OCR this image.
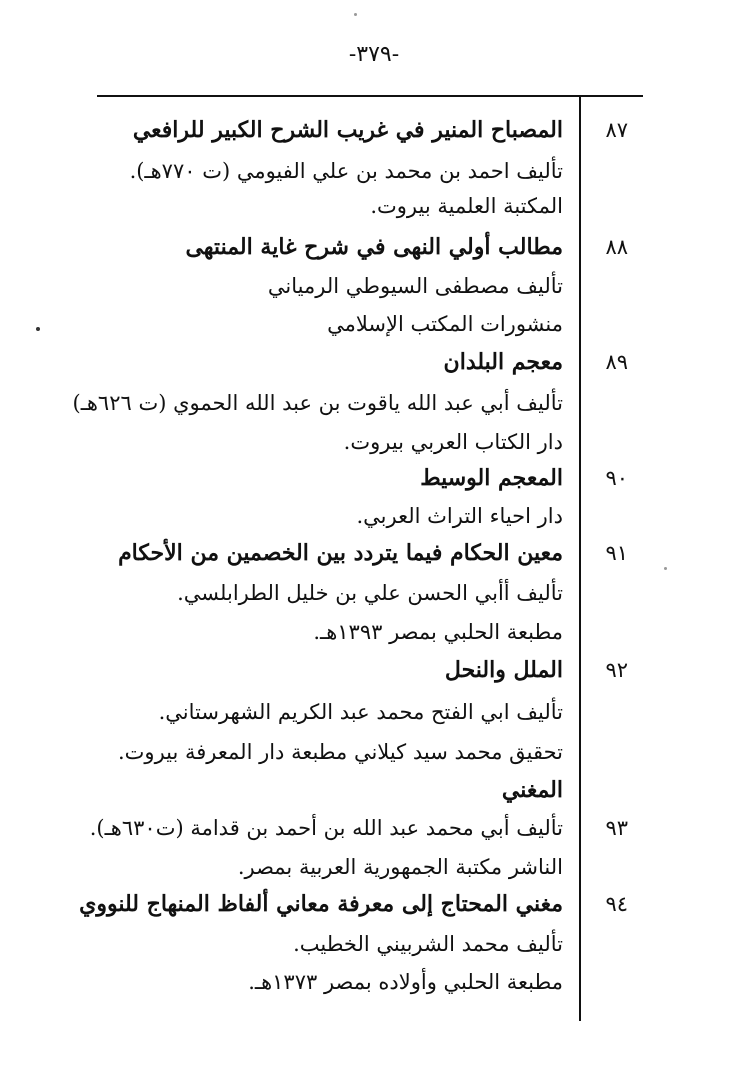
-٣٧٩-
٨٧
المصباح المنير في غريب الشرح الكبير للرافعي
تأليف احمد بن محمد بن علي الفيومي (ت ٧٧٠هـ).
المكتبة العلمية بيروت.
٨٨
مطالب أولي النهى في شرح غاية المنتهى
تأليف مصطفى السيوطي الرمياني
منشورات المكتب الإسلامي
٨٩
معجم البلدان
تأليف أبي عبد الله ياقوت بن عبد الله الحموي (ت ٦٢٦هـ)
دار الكتاب العربي بيروت.
٩٠
المعجم الوسيط
دار احياء التراث العربي.
٩١
معين الحكام فيما يتردد بين الخصمين من الأحكام
تأليف أأبي الحسن علي بن خليل الطرابلسي.
مطبعة الحلبي بمصر ١٣٩٣هـ.
٩٢
الملل والنحل
تأليف ابي الفتح محمد عبد الكريم الشهرستاني.
تحقيق محمد سيد كيلاني مطبعة دار المعرفة بيروت.
المغني
٩٣
تأليف أبي محمد عبد الله بن أحمد بن قدامة (ت٦٣٠هـ).
الناشر مكتبة الجمهورية العربية بمصر.
٩٤
مغني المحتاج إلى معرفة معاني ألفاظ المنهاج للنووي
تأليف محمد الشربيني الخطيب.
مطبعة الحلبي وأولاده بمصر ١٣٧٣هـ.
